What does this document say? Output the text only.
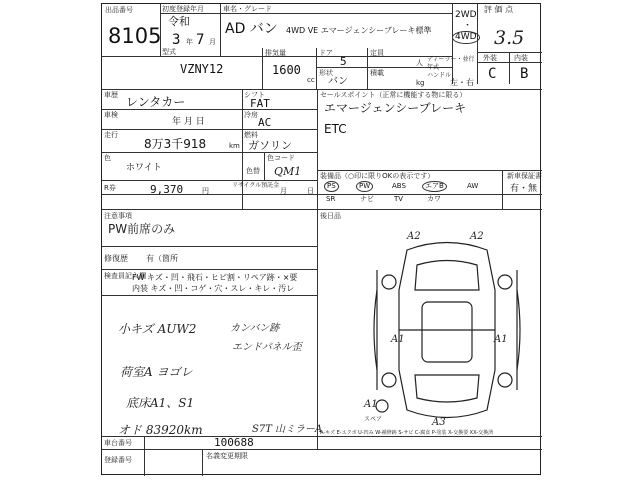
出品番号
8105
初度登録年月
令和
3 年 7 月
車名・グレード
AD バン 4WD VE エマージェンシーブレーキ標準
2WD
・
4WD
評 価 点
3.5
外装 内装
C B
型式
VZNY12
排気量
1600
cc
ドア
5
形状
バン
定員
人
積載
kg
ディーラー・並行
年式
ハンドル
左・右
車歴 レンタカー	シフト
FAT
車検
年 月 日
冷房
AC
走行
8万3千918	km
燃料
ガソリン
色
ホワイト	色替
色コード
QM1
R券	9,370	円
リサイクル預託金
月	日
セールスポイント（正常に機能する物に限る）
エマージェンシーブレーキ
ETC
装備品（○印に限りOKの表示です）	新車保証書
有・無
PS	PW	ABS	エアB	AW
SR	ナビ	TV	カワ
注意事項
PW前席のみ
修復歴 有（箇所
後日品
検査員記入欄
FW キズ・凹・飛石・ヒビ割・リペア跡・×要
内装 キズ・凹・コゲ・穴・スレ・キレ・汚レ
小キズ AUW2	カンバン跡
エンドパネル歪
荷室A ヨゴレ
底床A1、S1
オド 83920km	S7T 山ミラーA
A2	A2
A1	A1
A1
A3
スペア
A-キズ E-エクボ U-凹み W-補修跡 S-サビ C-腐食 P-塗装 X-交換要 XX-交換済
車台番号	100688
登録番号	名義変更期限
